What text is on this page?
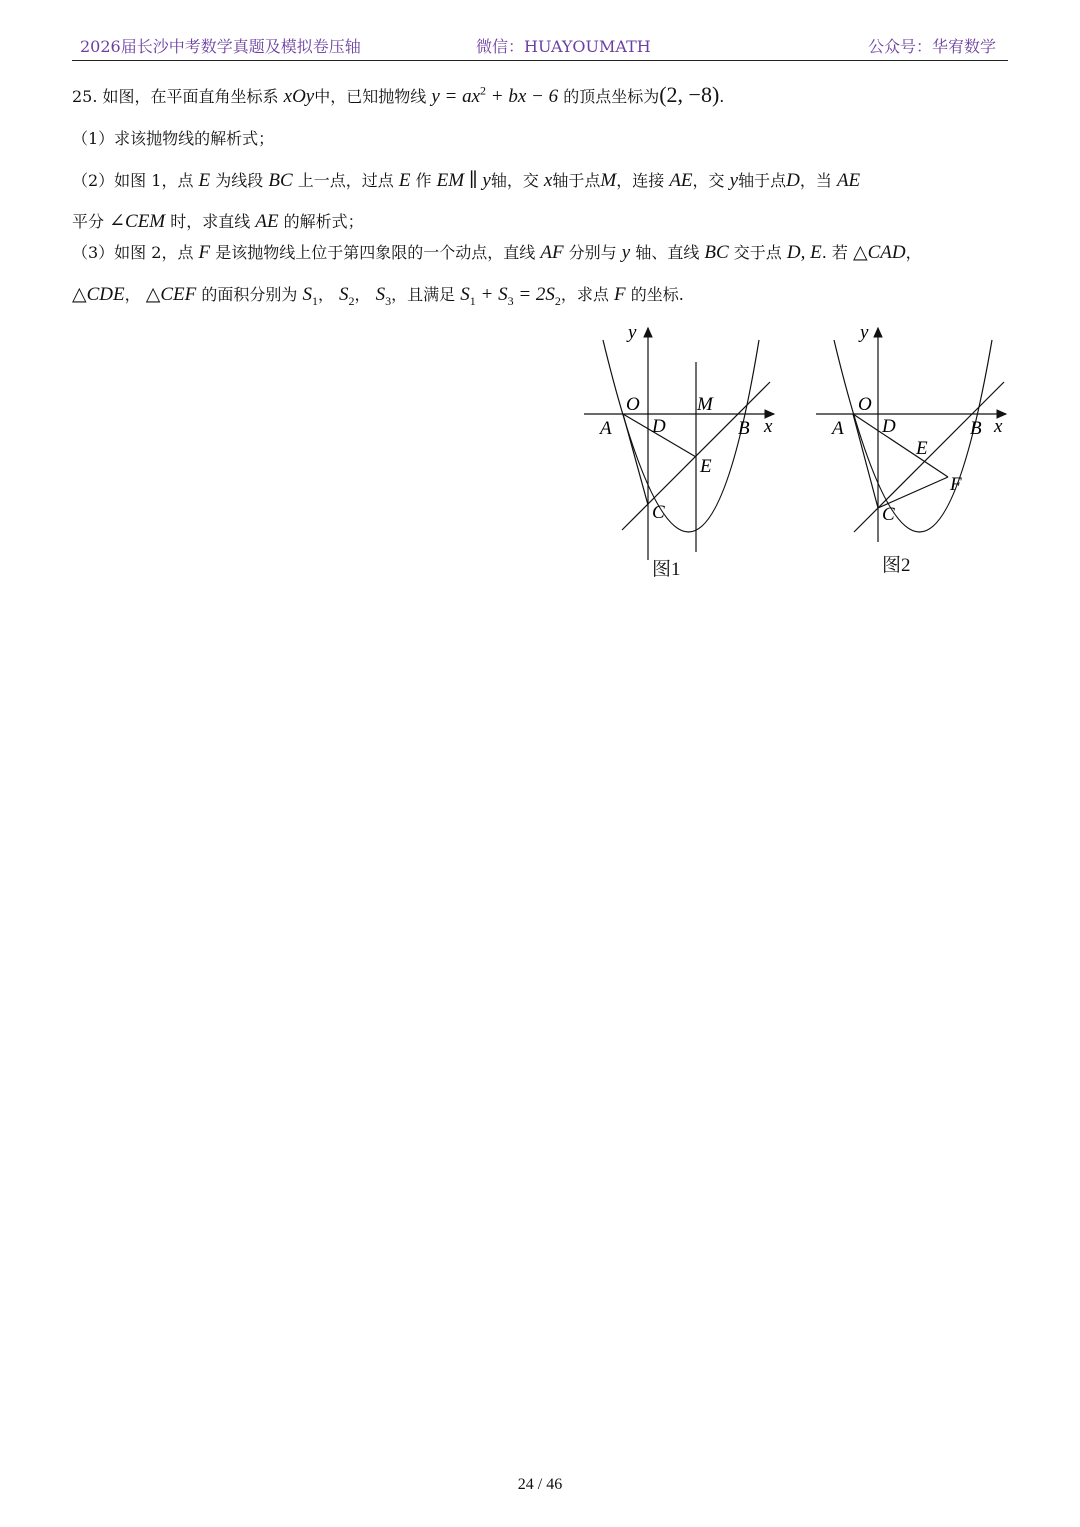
2026届长沙中考数学真题及模拟卷压轴	微信：HUAYOUMATH	公众号：华宥数学
25. 如图，在平面直角坐标系 xOy中，已知抛物线 $y = ax^2$ + bx − 6 的顶点坐标为(2, −8).
（1）求该抛物线的解析式；
（2）如图 1，点 E 为线段 BC 上一点，过点 E 作 EM ∥ y轴，交 x轴于点M，连接 AE，交 y轴于点D，当 AE
平分 ∠CEM 时，求直线 AE 的解析式；
（3）如图 2，点 F 是该抛物线上位于第四象限的一个动点，直线 AF 分别与 y 轴、直线 BC 交于点 D, E. 若 △CAD，
△CDE， △CEF 的面积分别为 $S_1$， $S_2$， $S_3$，且满足 $S_1 + S_3 = 2S_2$，求点 F 的坐标.
y
x
O
A D
M
B
E
C
图1
y
x
O
A D	B
E
F
C
图2
24 / 46
